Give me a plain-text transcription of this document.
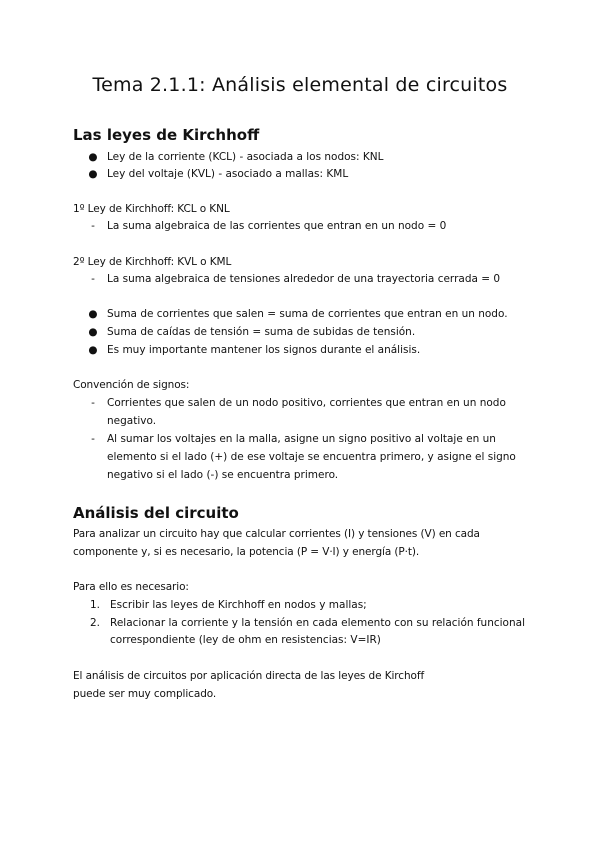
Tema 2.1.1: Análisis elemental de circuitos
Las leyes de Kirchhoff
● Ley de la corriente (KCL) - asociada a los nodos: KNL
● Ley del voltaje (KVL) - asociado a mallas: KML
1º Ley de Kirchhoff: KCL o KNL
-	La suma algebraica de las corrientes que entran en un nodo = 0
2º Ley de Kirchhoff: KVL o KML
-	La suma algebraica de tensiones alrededor de una trayectoria cerrada = 0
● Suma de corrientes que salen = suma de corrientes que entran en un nodo.
● Suma de caídas de tensión = suma de subidas de tensión.
● Es muy importante mantener los signos durante el análisis.
Convención de signos:
-	Corrientes que salen de un nodo positivo, corrientes que entran en un nodo
negativo.
-	Al sumar los voltajes en la malla, asigne un signo positivo al voltaje en un
elemento si el lado (+) de ese voltaje se encuentra primero, y asigne el signo
negativo si el lado (-) se encuentra primero.
Análisis del circuito
Para analizar un circuito hay que calcular corrientes (I) y tensiones (V) en cada
componente y, si es necesario, la potencia (P = V·I) y energía (P·t).
Para ello es necesario:
1. Escribir las leyes de Kirchhoff en nodos y mallas;
2. Relacionar la corriente y la tensión en cada elemento con su relación funcional
correspondiente (ley de ohm en resistencias: V=IR)
El análisis de circuitos por aplicación directa de las leyes de Kirchoff
puede ser muy complicado.
